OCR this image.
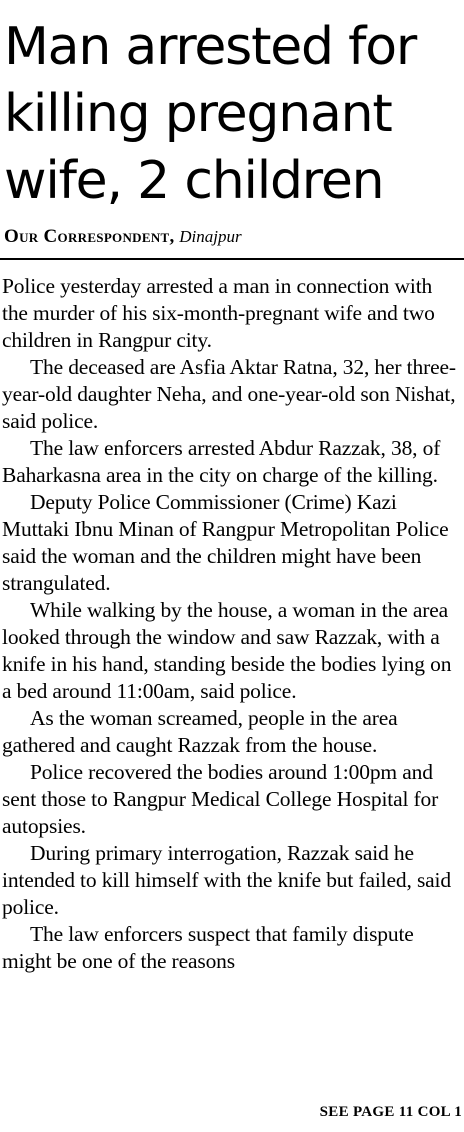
Man arrested for killing pregnant wife, 2 children
Our Correspondent, Dinajpur

Police yesterday arrested a man in connection with the murder of his six-month-pregnant wife and two children in Rangpur city.

The deceased are Asfia Aktar Ratna, 32, her three-year-old daughter Neha, and one-year-old son Nishat, said police.

The law enforcers arrested Abdur Razzak, 38, of Baharkasna area in the city on charge of the killing.

Deputy Police Commissioner (Crime) Kazi Muttaki Ibnu Minan of Rangpur Metropolitan Police said the woman and the children might have been strangulated.

While walking by the house, a woman in the area looked through the window and saw Razzak, with a knife in his hand, standing beside the bodies lying on a bed around 11:00am, said police.

As the woman screamed, people in the area gathered and caught Razzak from the house.

Police recovered the bodies around 1:00pm and sent those to Rangpur Medical College Hospital for autopsies.

During primary interrogation, Razzak said he intended to kill himself with the knife but failed, said police.

The law enforcers suspect that family dispute might be one of the reasons

SEE PAGE 11 COL 1
